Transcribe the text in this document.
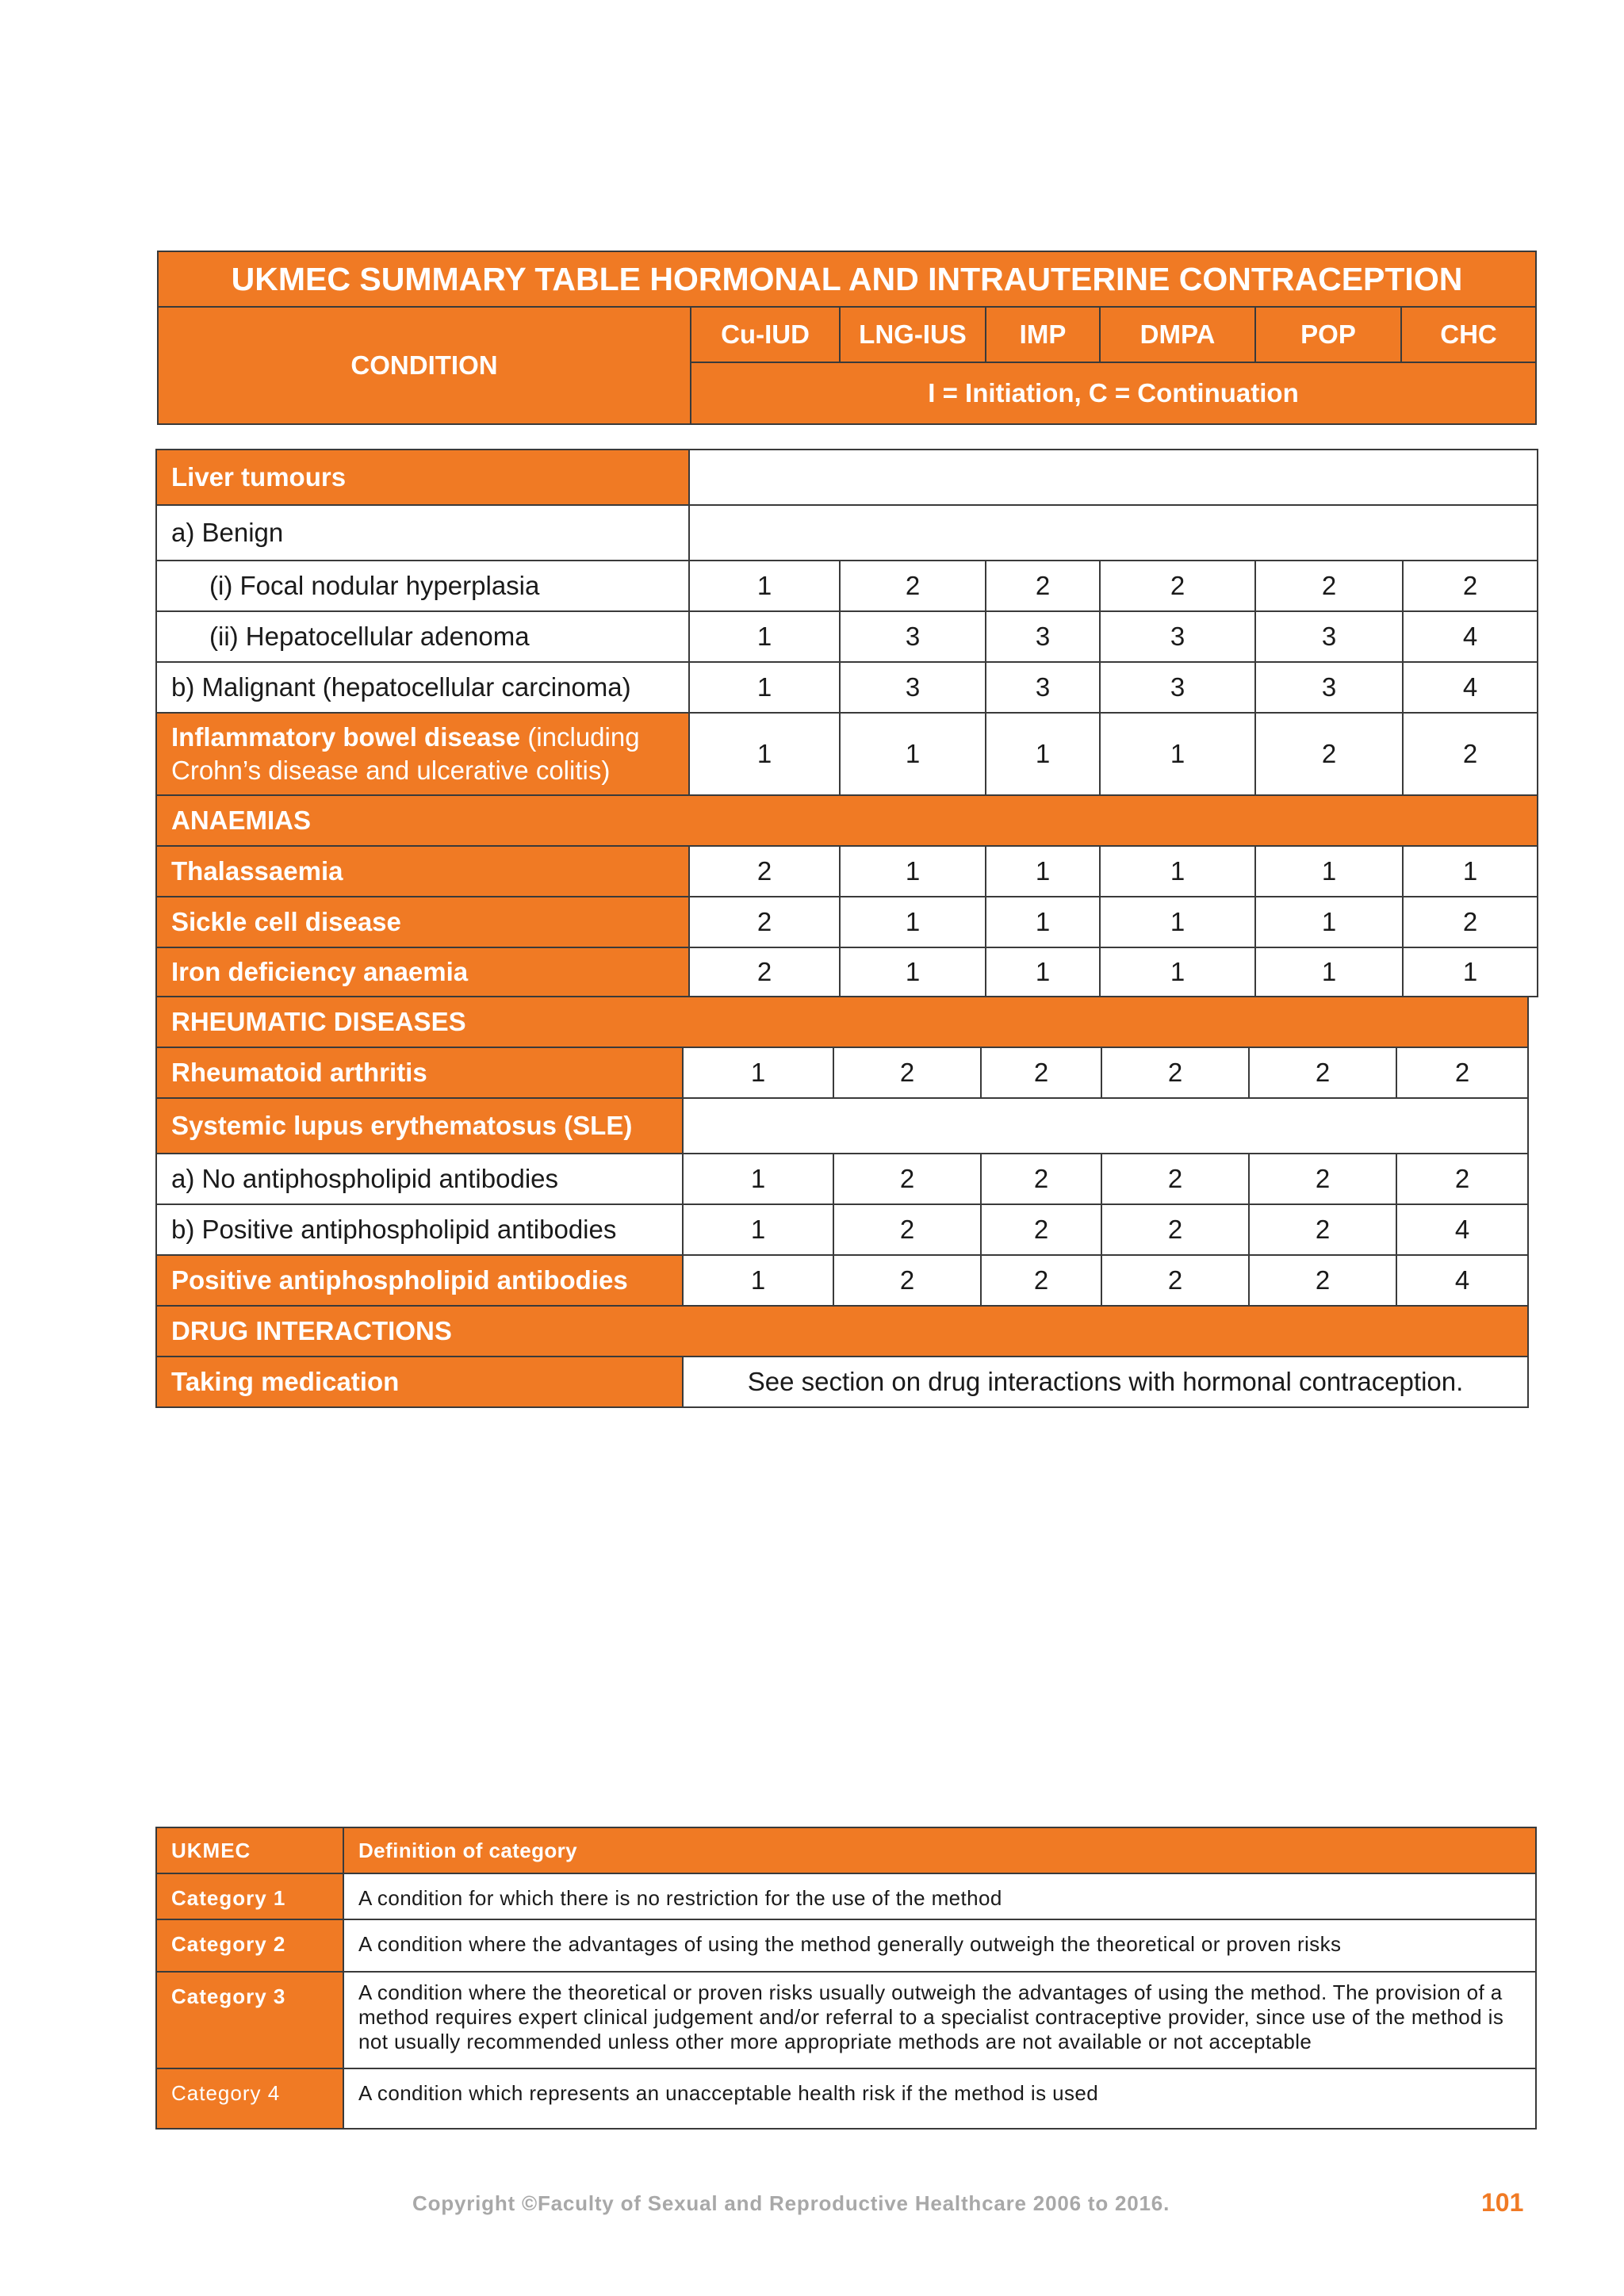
UKMEC SUMMARY TABLE HORMONAL AND INTRAUTERINE CONTRACEPTION
CONDITION	Cu-IUD	LNG-IUS	IMP	DMPA	POP	CHC
I = Initiation, C = Continuation
Liver tumours						
a) Benign						
(i) Focal nodular hyperplasia	1	2	2	2	2	2
(ii) Hepatocellular adenoma	1	3	3	3	3	4
b) Malignant (hepatocellular carcinoma)	1	3	3	3	3	4
Inflammatory bowel disease (including Crohn’s disease and ulcerative colitis)	1	1	1	1	2	2
ANAEMIAS						
Thalassaemia	2	1	1	1	1	1
Sickle cell disease	2	1	1	1	1	2
Iron deficiency anaemia	2	1	1	1	1	1
RHEUMATIC DISEASES						
Rheumatoid arthritis	1	2	2	2	2	2
Systemic lupus erythematosus (SLE)						
a) No antiphospholipid antibodies	1	2	2	2	2	2
b) Positive antiphospholipid antibodies	1	2	2	2	2	4
Positive antiphospholipid antibodies	1	2	2	2	2	4
DRUG INTERACTIONS						
Taking medication	See section on drug interactions with hormonal contraception.					
UKMEC	Definition of category
Category 1	A condition for which there is no restriction for the use of the method
Category 2	A condition where the advantages of using the method generally outweigh the theoretical or proven risks
Category 3	A condition where the theoretical or proven risks usually outweigh the advantages of using the method. The provision of a method requires expert clinical judgement and/or referral to a specialist contraceptive provider, since use of the method is not usually recommended unless other more appropriate methods are not available or not acceptable
Category 4	A condition which represents an unacceptable health risk if the method is used
Copyright ©Faculty of Sexual and Reproductive Healthcare 2006 to 2016.	101
